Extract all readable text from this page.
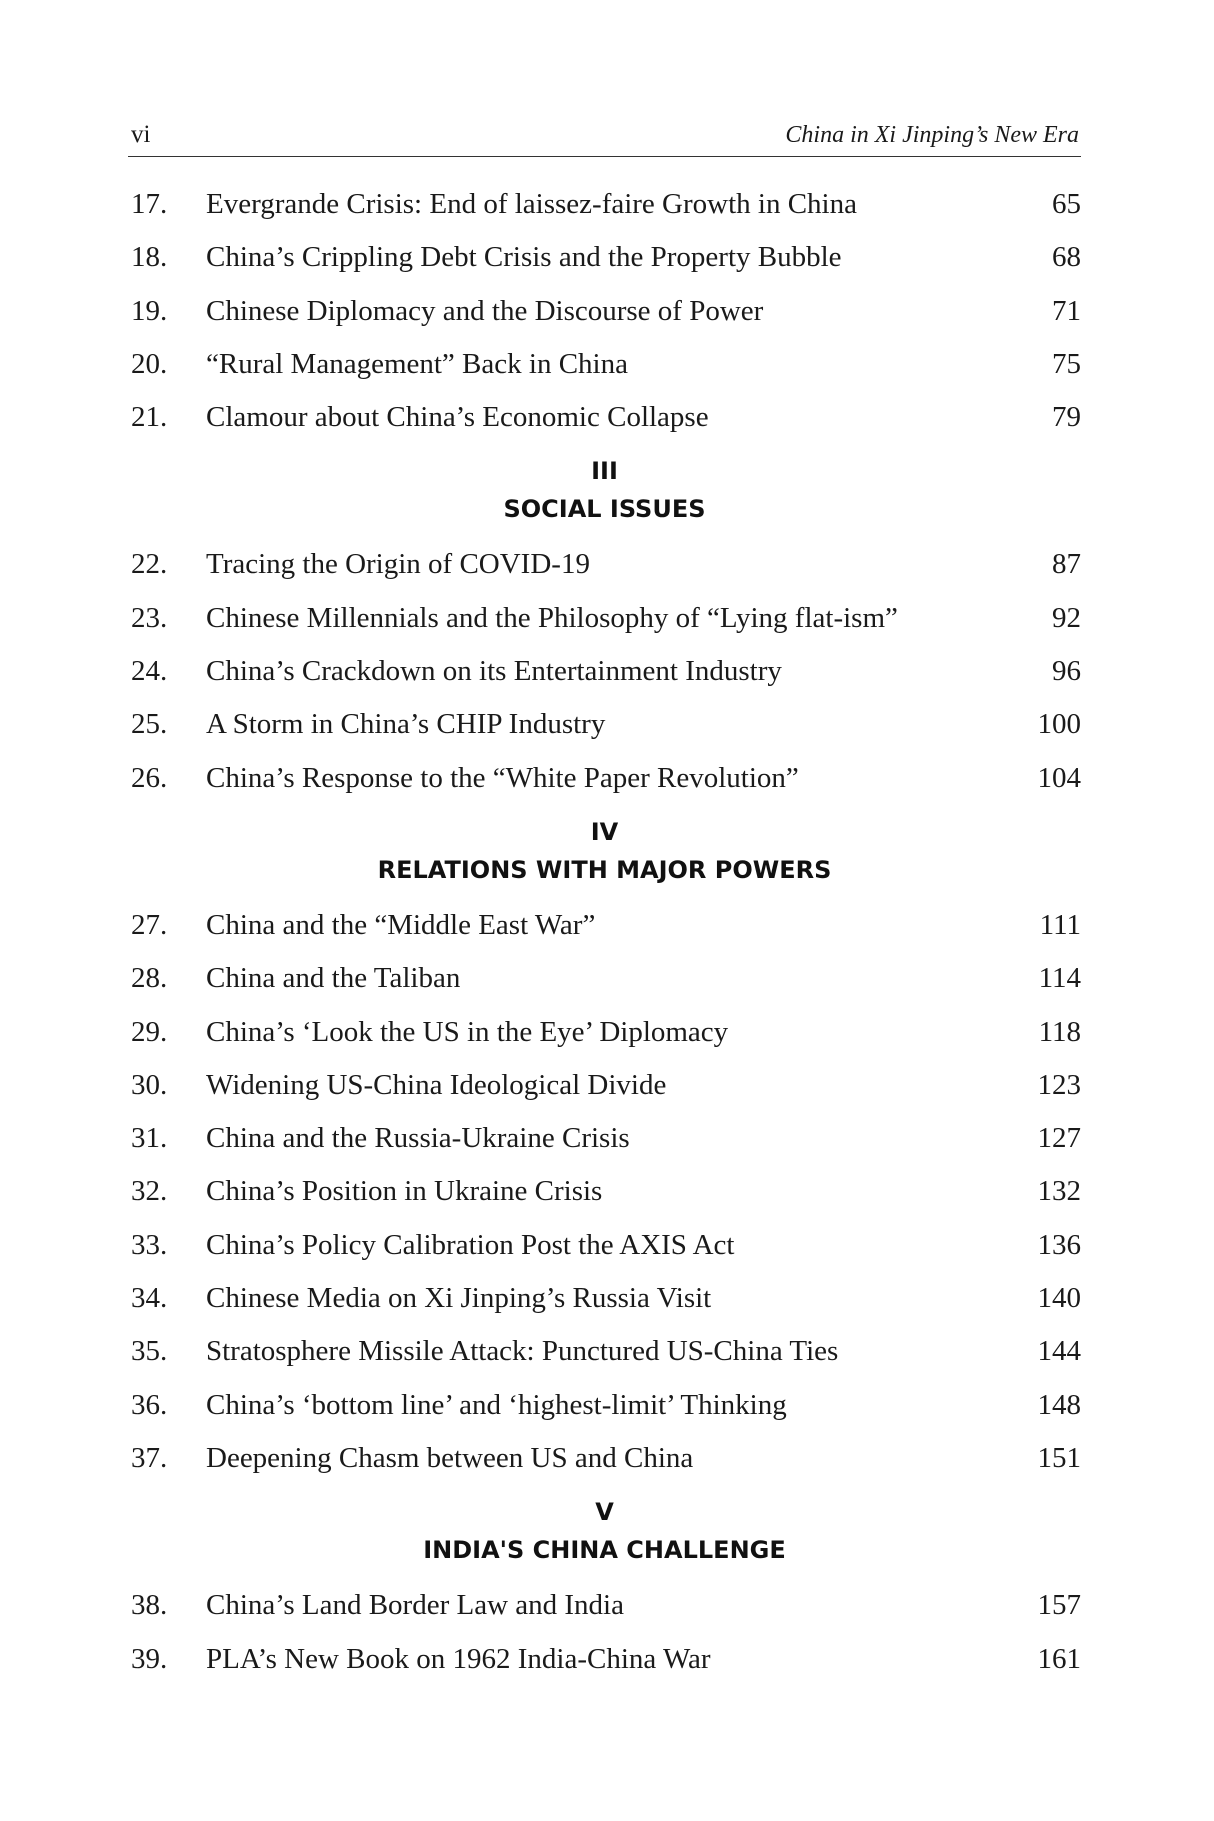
vi	China in Xi Jinping’s New Era
17. Evergrande Crisis: End of laissez-faire Growth in China	65
18. China’s Crippling Debt Crisis and the Property Bubble	68
19. Chinese Diplomacy and the Discourse of Power	71
20. “Rural Management” Back in China	75
21. Clamour about China’s Economic Collapse	79
III
SOCIAL ISSUES
22. Tracing the Origin of COVID-19	87
23. Chinese Millennials and the Philosophy of “Lying flat-ism”	92
24. China’s Crackdown on its Entertainment Industry	96
25. A Storm in China’s CHIP Industry	100
26. China’s Response to the “White Paper Revolution”	104
IV
RELATIONS WITH MAJOR POWERS
27. China and the “Middle East War”	111
28. China and the Taliban	114
29. China’s ‘Look the US in the Eye’ Diplomacy	118
30. Widening US-China Ideological Divide	123
31. China and the Russia-Ukraine Crisis	127
32. China’s Position in Ukraine Crisis	132
33. China’s Policy Calibration Post the AXIS Act	136
34. Chinese Media on Xi Jinping’s Russia Visit	140
35. Stratosphere Missile Attack: Punctured US-China Ties	144
36. China’s ‘bottom line’ and ‘highest-limit’ Thinking	148
37. Deepening Chasm between US and China	151
V
INDIA'S CHINA CHALLENGE
38. China’s Land Border Law and India	157
39. PLA’s New Book on 1962 India-China War	161
